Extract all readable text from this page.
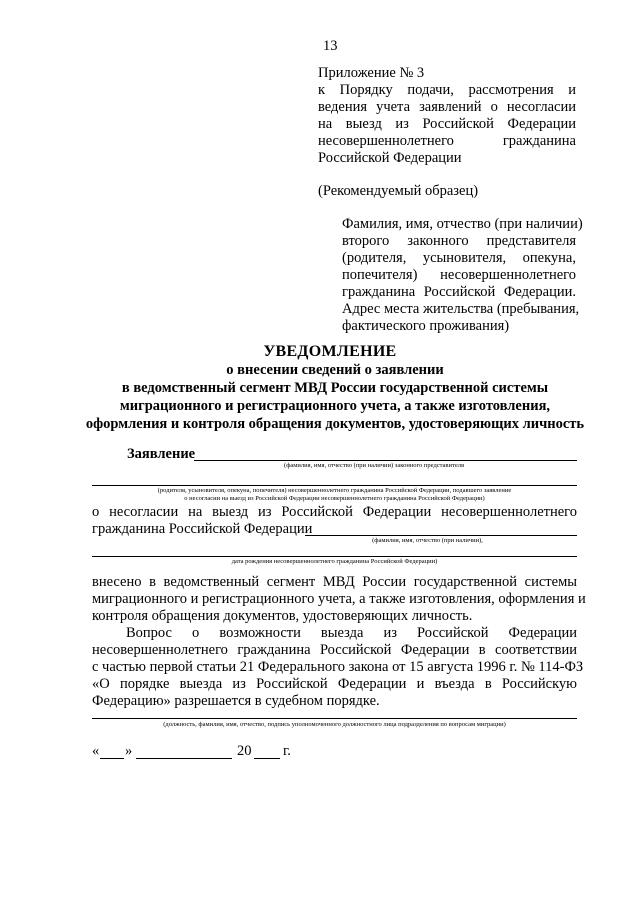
13
Приложение № 3
к Порядку подачи, рассмотрения и
ведения учета заявлений о несогласии
на выезд из Российской Федерации
несовершеннолетнего гражданина
Российской Федерации
(Рекомендуемый образец)
Фамилия, имя, отчество (при наличии)
второго законного представителя
(родителя, усыновителя, опекуна,
попечителя) несовершеннолетнего
гражданина Российской Федерации.
Адрес места жительства (пребывания,
фактического проживания)
УВЕДОМЛЕНИЕ
о внесении сведений о заявлении
в ведомственный сегмент МВД России государственной системы
миграционного и регистрационного учета, а также изготовления,
оформления и контроля обращения документов, удостоверяющих личность
Заявление
(фамилия, имя, отчество (при наличии) законного представителя
(родителя, усыновителя, опекуна, попечителя) несовершеннолетнего гражданина Российской Федерации, подавшего заявление
о несогласии на выезд из Российской Федерации несовершеннолетнего гражданина Российской Федерации)
о несогласии на выезд из Российской Федерации несовершеннолетнего
гражданина Российской Федерации
(фамилия, имя, отчество (при наличии),
дата рождения несовершеннолетнего гражданина Российской Федерации)
внесено в ведомственный сегмент МВД России государственной системы
миграционного и регистрационного учета, а также изготовления, оформления и
контроля обращения документов, удостоверяющих личность.
Вопрос о возможности выезда из Российской Федерации
несовершеннолетнего гражданина Российской Федерации в соответствии
с частью первой статьи 21 Федерального закона от 15 августа 1996 г. № 114-ФЗ
«О порядке выезда из Российской Федерации и въезда в Российскую
Федерацию» разрешается в судебном порядке.
(должность, фамилия, имя, отчество, подпись уполномоченного должностного лица подразделения по вопросам миграции)
« »	20 г.
